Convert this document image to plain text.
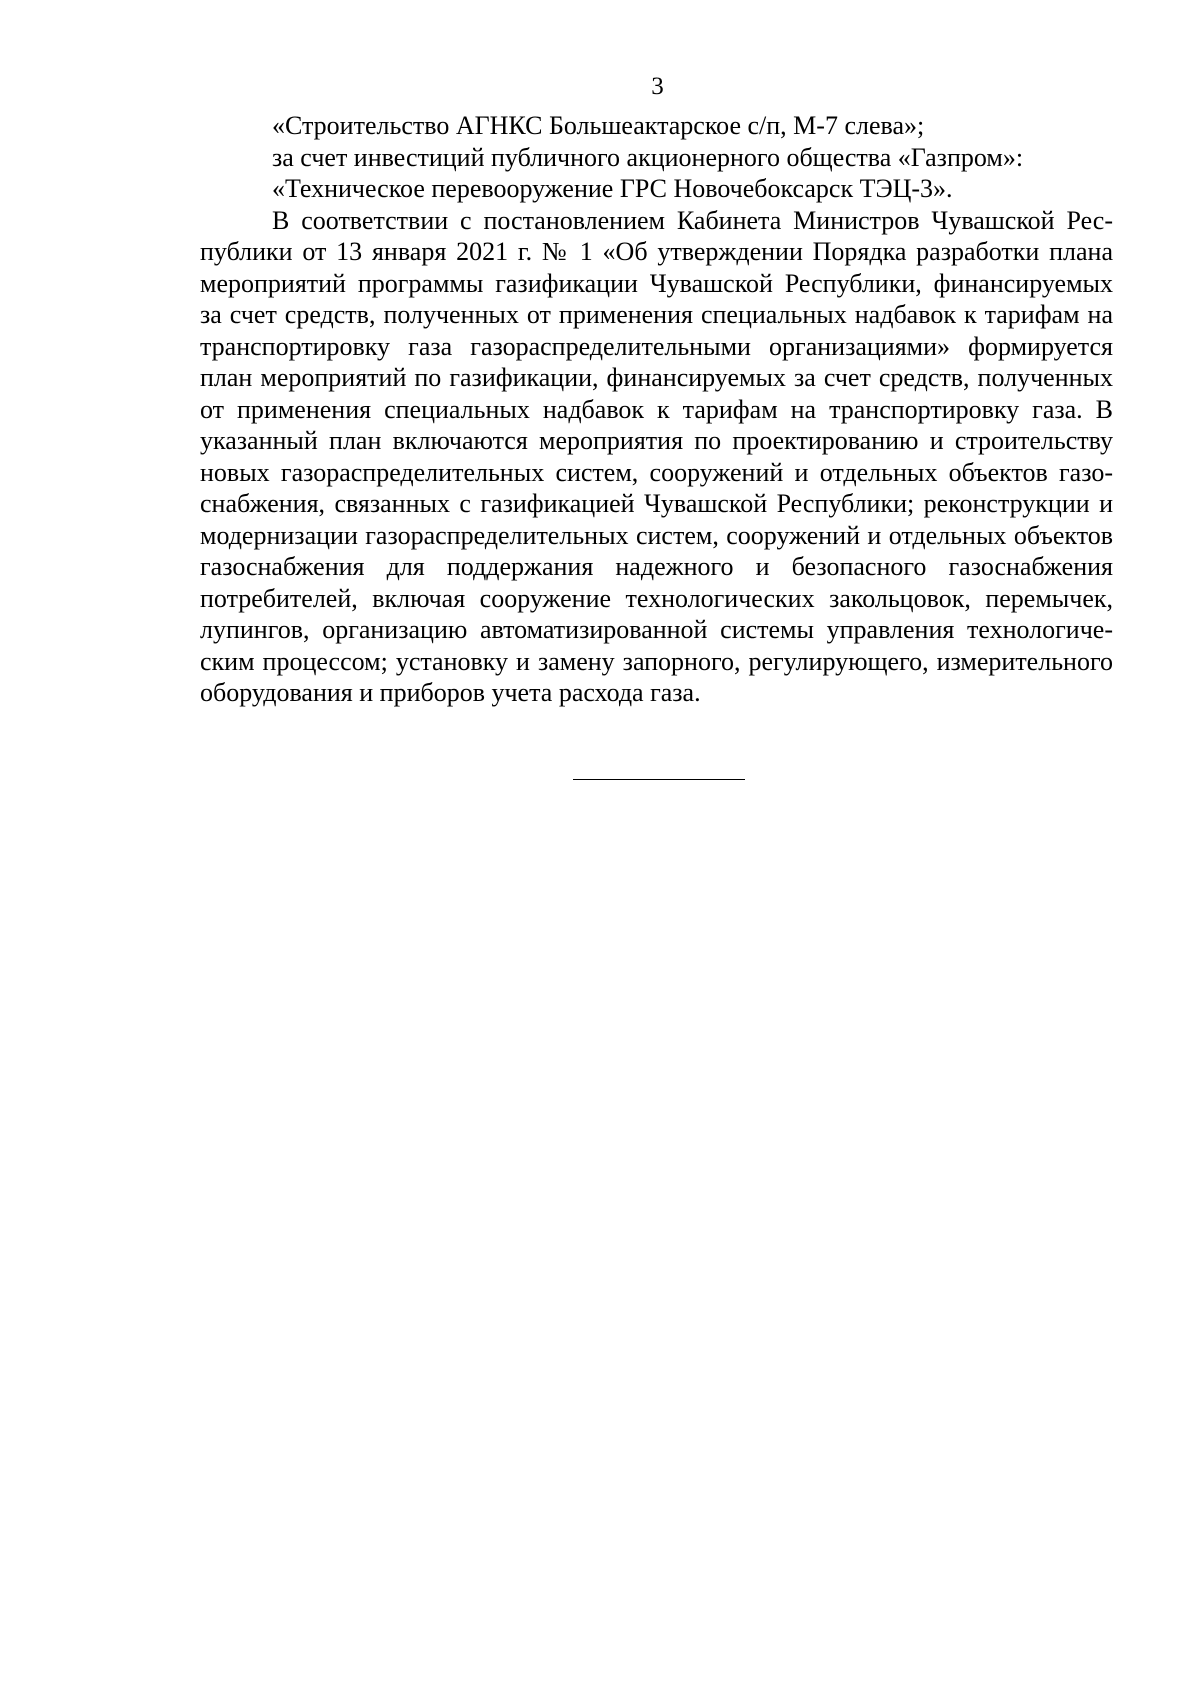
3

«Строительство АГНКС Большеактарское с/п, М-7 слева»;

за счет инвестиций публичного акционерного общества «Газпром»:

«Техническое перевооружение ГРС Новочебоксарск ТЭЦ-3».

В соответствии с постановлением Кабинета Министров Чувашской Республики от 13 января 2021 г. № 1 «Об утверждении Порядка разработки плана мероприятий программы газификации Чувашской Республики, финансируемых за счет средств, полученных от применения специальных надбавок к тарифам на транспортировку газа газораспределительными организациями» формируется план мероприятий по газификации, финансируемых за счет средств, полученных от применения специальных надбавок к тарифам на транспортировку газа. В указанный план включаются мероприятия по проектированию и строительству новых газораспределительных систем, сооружений и отдельных объектов газоснабжения, связанных с газификацией Чувашской Республики; реконструкции и модернизации газораспределительных систем, сооружений и отдельных объектов газоснабжения для поддержания надежного и безопасного газоснабжения потребителей, включая сооружение технологических закольцовок, перемычек, лупингов, организацию автоматизированной системы управления технологическим процессом; установку и замену запорного, регулирующего, измерительного оборудования и приборов учета расхода газа.
